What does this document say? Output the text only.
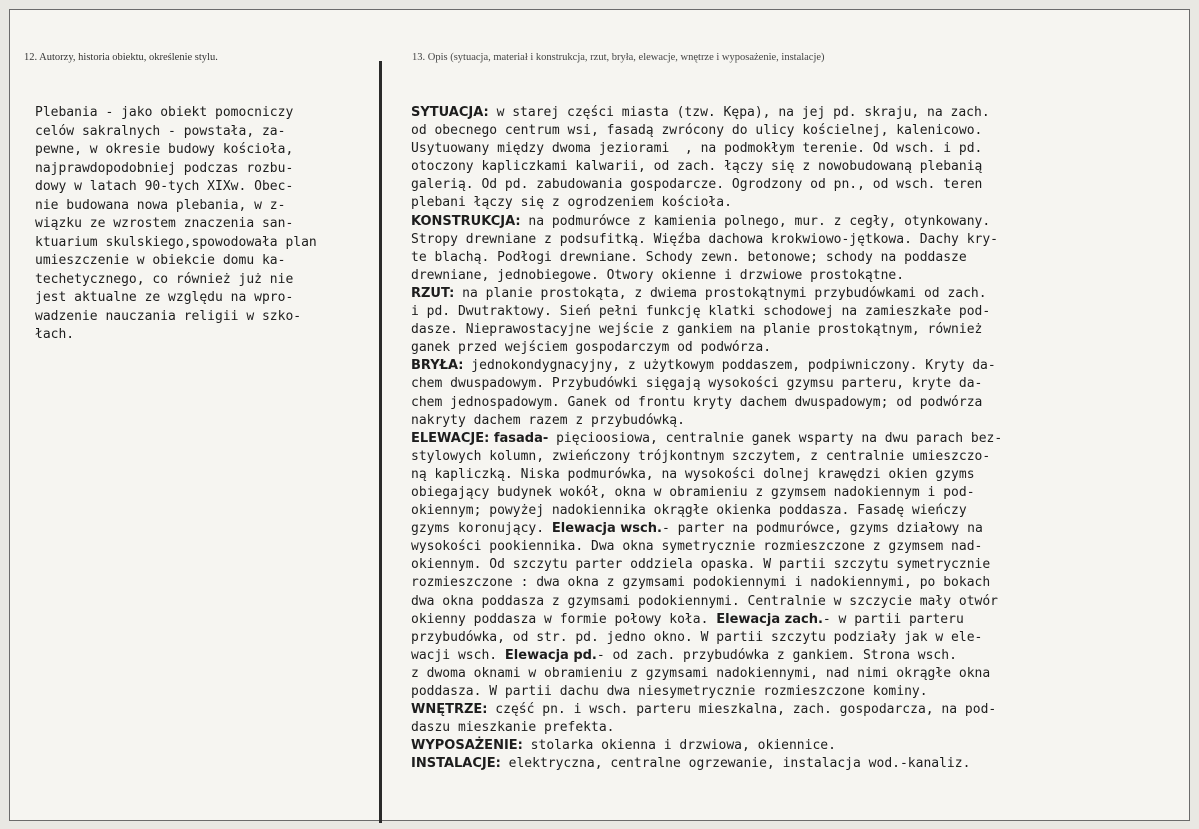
12. Autorzy, historia obiektu, określenie stylu.	13. Opis (sytuacja, materiał i konstrukcja, rzut, bryła, elewacje, wnętrze i wyposażenie, instalacje)
Plebania - jako obiekt pomocniczy
celów sakralnych - powstała, za-
pewne, w okresie budowy kościoła,
najprawdopodobniej podczas rozbu-
dowy w latach 90-tych XIXw. Obec-
nie budowana nowa plebania, w z-
wiązku ze wzrostem znaczenia san-
ktuarium skulskiego,spowodowała plan
umieszczenie w obiekcie domu ka-
techetycznego, co również już nie
jest aktualne ze względu na wpro-
wadzenie nauczania religii w szko-
łach.
SYTUACJA: w starej części miasta (tzw. Kępa), na jej pd. skraju, na zach.
od obecnego centrum wsi, fasadą zwrócony do ulicy kościelnej, kalenicowo.
Usytuowany między dwoma jeziorami  , na podmokłym terenie. Od wsch. i pd.
otoczony kapliczkami kalwarii, od zach. łączy się z nowobudowaną plebanią
galerią. Od pd. zabudowania gospodarcze. Ogrodzony od pn., od wsch. teren
plebani łączy się z ogrodzeniem kościoła.
KONSTRUKCJA: na podmurówce z kamienia polnego, mur. z cegły, otynkowany.
Stropy drewniane z podsufitką. Więźba dachowa krokwiowo-jętkowa. Dachy kry-
te blachą. Podłogi drewniane. Schody zewn. betonowe; schody na poddasze
drewniane, jednobiegowe. Otwory okienne i drzwiowe prostokątne.
RZUT: na planie prostokąta, z dwiema prostokątnymi przybudówkami od zach.
i pd. Dwutraktowy. Sień pełni funkcję klatki schodowej na zamieszkałe pod-
dasze. Nieprawostacyjne wejście z gankiem na planie prostokątnym, również
ganek przed wejściem gospodarczym od podwórza.
BRYŁA: jednokondygnacyjny, z użytkowym poddaszem, podpiwniczony. Kryty da-
chem dwuspadowym. Przybudówki sięgają wysokości gzymsu parteru, kryte da-
chem jednospadowym. Ganek od frontu kryty dachem dwuspadowym; od podwórza
nakryty dachem razem z przybudówką.
ELEWACJE: fasada- pięcioosiowa, centralnie ganek wsparty na dwu parach bez-
stylowych kolumn, zwieńczony trójkontnym szczytem, z centralnie umieszczo-
ną kapliczką. Niska podmurówka, na wysokości dolnej krawędzi okien gzyms
obiegający budynek wokół, okna w obramieniu z gzymsem nadokiennym i pod-
okiennym; powyżej nadokiennika okrągłe okienka poddasza. Fasadę wieńczy
gzyms koronujący. Elewacja wsch.- parter na podmurówce, gzyms działowy na
wysokości pookiennika. Dwa okna symetrycznie rozmieszczone z gzymsem nad-
okiennym. Od szczytu parter oddziela opaska. W partii szczytu symetrycznie
rozmieszczone : dwa okna z gzymsami podokiennymi i nadokiennymi, po bokach
dwa okna poddasza z gzymsami podokiennymi. Centralnie w szczycie mały otwór
okienny poddasza w formie połowy koła. Elewacja zach.- w partii parteru
przybudówka, od str. pd. jedno okno. W partii szczytu podziały jak w ele-
wacji wsch. Elewacja pd.- od zach. przybudówka z gankiem. Strona wsch.
z dwoma oknami w obramieniu z gzymsami nadokiennymi, nad nimi okrągłe okna
poddasza. W partii dachu dwa niesymetrycznie rozmieszczone kominy.
WNĘTRZE: część pn. i wsch. parteru mieszkalna, zach. gospodarcza, na pod-
daszu mieszkanie prefekta.
WYPOSAŻENIE: stolarka okienna i drzwiowa, okiennice.
INSTALACJE: elektryczna, centralne ogrzewanie, instalacja wod.-kanaliz.
